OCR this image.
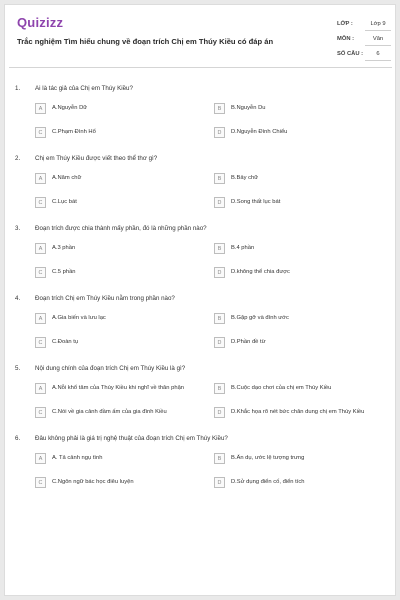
Quizizz
Trắc nghiệm Tìm hiểu chung về đoạn trích Chị em Thúy Kiều có đáp án
LỚP :	Lớp 9
MÔN :	Văn
SỐ CÂU :	6
1. Ai là tác giả của Chị em Thúy Kiều?
A	A.Nguyễn Dữ	B	B.Nguyễn Du
C	C.Phạm Đình Hổ	D	D.Nguyễn Đình Chiểu
2. Chị em Thúy Kiều được viết theo thể thơ gì?
A	A.Năm chữ	B	B.Bảy chữ
C	C.Lục bát	D	D.Song thất lục bát
3. Đoạn trích được chia thành mấy phần, đó là những phần nào?
A	A.3 phần	B	B.4 phần
C	C.5 phần	D	D.không thể chia được
4. Đoạn trích Chị em Thúy Kiều nằm trong phần nào?
A	A.Gia biến và lưu lạc	B	B.Gặp gỡ và đính ước
C	C.Đoàn tụ	D	D.Phần đề từ
5. Nội dung chính của đoạn trích Chị em Thúy Kiều là gì?
A	A.Nỗi khổ tâm của Thúy Kiều khi nghĩ về thân phận	B	B.Cuộc dạo chơi của chị em Thúy Kiều
C	C.Nói về gia cảnh đầm ấm của gia đình Kiều	D	D.Khắc họa rõ nét bức chân dung chị em Thúy Kiều
6. Đâu không phải là giá trị nghệ thuật của đoạn trích Chị em Thúy Kiều?
A	A. Tả cảnh ngụ tình	B	B.Ẩn dụ, ước lệ tượng trưng
C	C.Ngôn ngữ bác học điêu luyện	D	D.Sử dụng điển cố, điển tích
